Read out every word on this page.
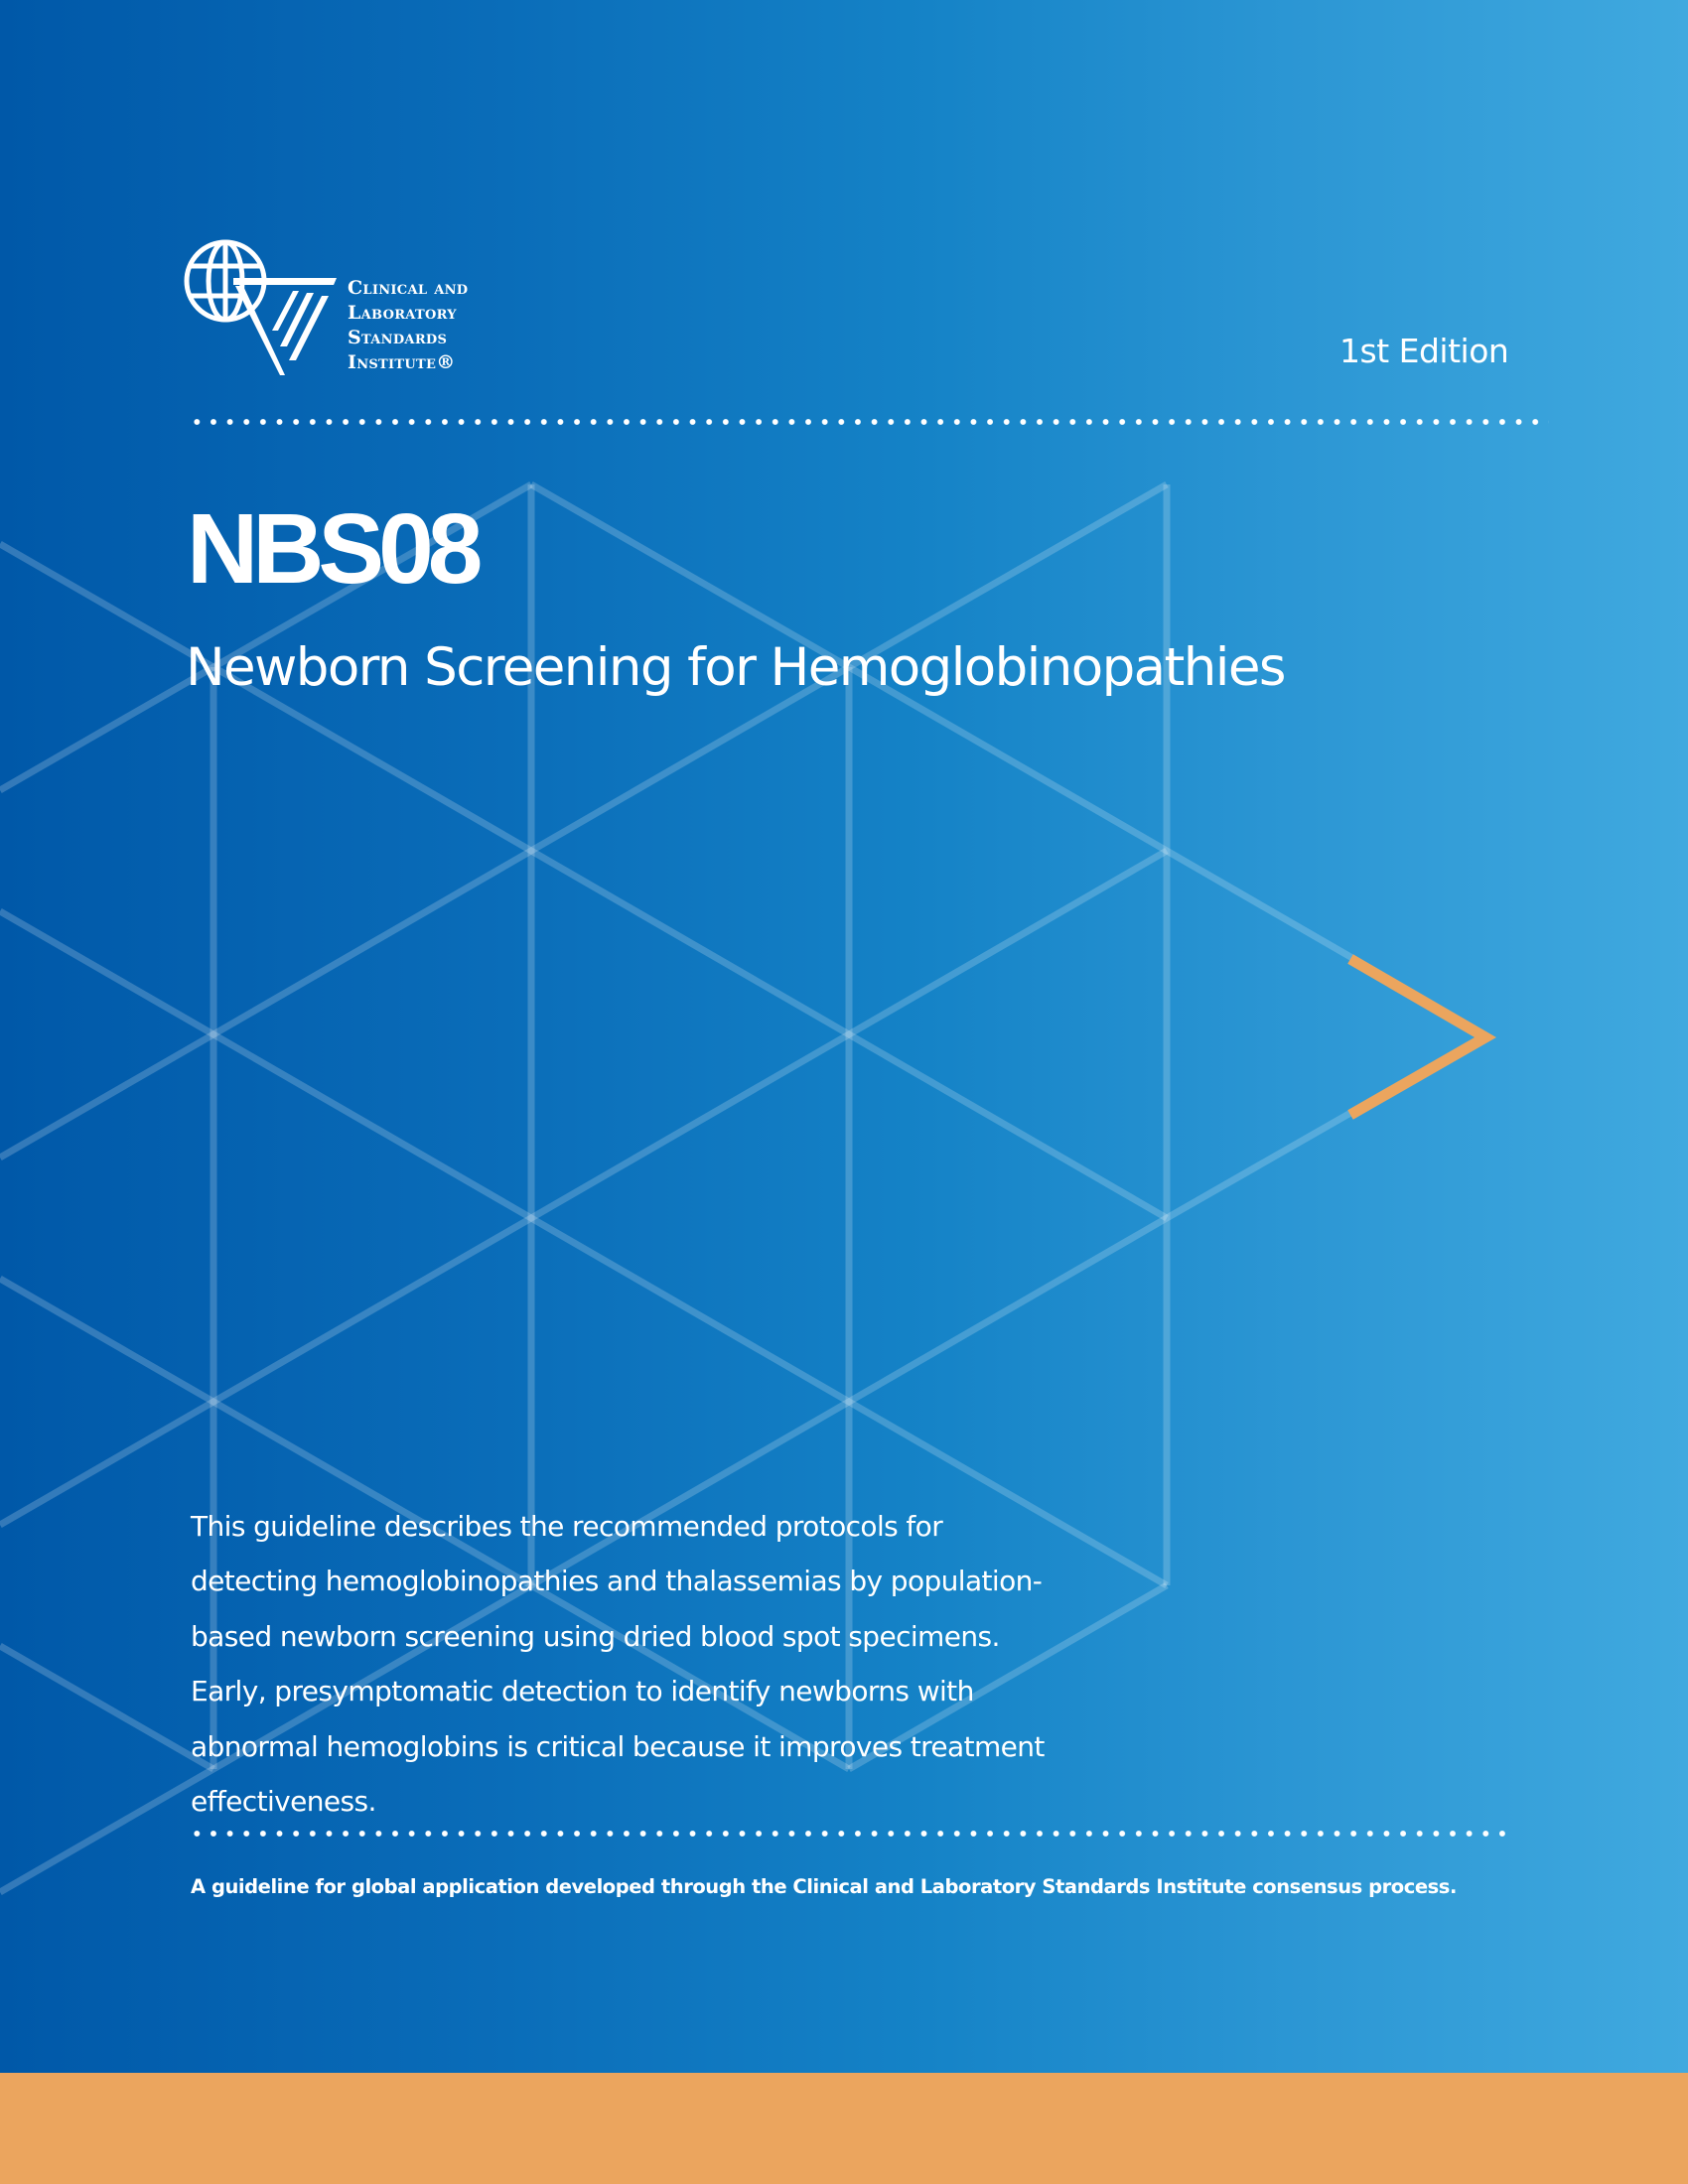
Clinical and
Laboratory
Standards
Institute®	1st Edition
NBS08
Newborn Screening for Hemoglobinopathies
This guideline describes the recommended protocols for
detecting hemoglobinopathies and thalassemias by population-
based newborn screening using dried blood spot specimens.
Early, presymptomatic detection to identify newborns with
abnormal hemoglobins is critical because it improves treatment
effectiveness.
A guideline for global application developed through the Clinical and Laboratory Standards Institute consensus process.
